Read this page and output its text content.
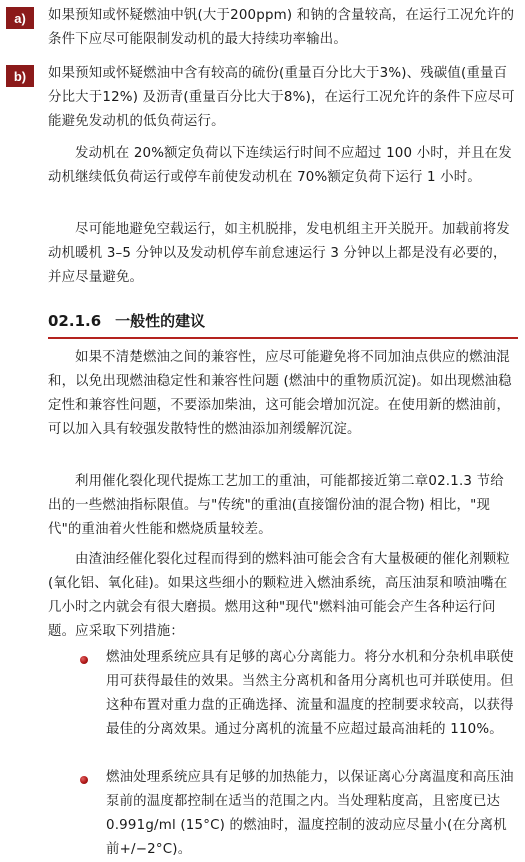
a)	如果预知或怀疑燃油中钒(大于200ppm) 和钠的含量较高，在运行工况允许的条件下应尽可能限制发动机的最大持续功率输出。
b)	如果预知或怀疑燃油中含有较高的硫份(重量百分比大于3%)、残碳值(重量百分比大于12%) 及沥青(重量百分比大于8%)，在运行工况允许的条件下应尽可能避免发动机的低负荷运行。
发动机在 20%额定负荷以下连续运行时间不应超过 100 小时，并且在发动机继续低负荷运行或停车前使发动机在 70%额定负荷下运行 1 小时。
尽可能地避免空载运行，如主机脱排，发电机组主开关脱开。加载前将发动机暖机 3–5 分钟以及发动机停车前怠速运行 3 分钟以上都是没有必要的，并应尽量避免。
02.1.6 一般性的建议
如果不清楚燃油之间的兼容性，应尽可能避免将不同加油点供应的燃油混和，以免出现燃油稳定性和兼容性问题 (燃油中的重物质沉淀)。如出现燃油稳定性和兼容性问题，不要添加柴油，这可能会增加沉淀。在使用新的燃油前，可以加入具有较强发散特性的燃油添加剂缓解沉淀。
利用催化裂化现代提炼工艺加工的重油，可能都接近第二章02.1.3 节给出的一些燃油指标限值。与"传统"的重油(直接馏份油的混合物) 相比，"现代"的重油着火性能和燃烧质量较差。
由渣油经催化裂化过程而得到的燃料油可能会含有大量极硬的催化剂颗粒(氧化铝、氧化硅)。如果这些细小的颗粒进入燃油系统，高压油泵和喷油嘴在几小时之内就会有很大磨损。燃用这种"现代"燃料油可能会产生各种运行问题。应采取下列措施：
燃油处理系统应具有足够的离心分离能力。将分水机和分杂机串联使用可获得最佳的效果。当然主分离机和备用分离机也可并联使用。但这种布置对重力盘的正确选择、流量和温度的控制要求较高，以获得最佳的分离效果。通过分离机的流量不应超过最高油耗的 110%。
燃油处理系统应具有足够的加热能力，以保证离心分离温度和高压油泵前的温度都控制在适当的范围之内。当处理粘度高，且密度已达 0.991g/ml (15°C) 的燃油时，温度控制的波动应尽量小(在分离机前+/−2°C)。
